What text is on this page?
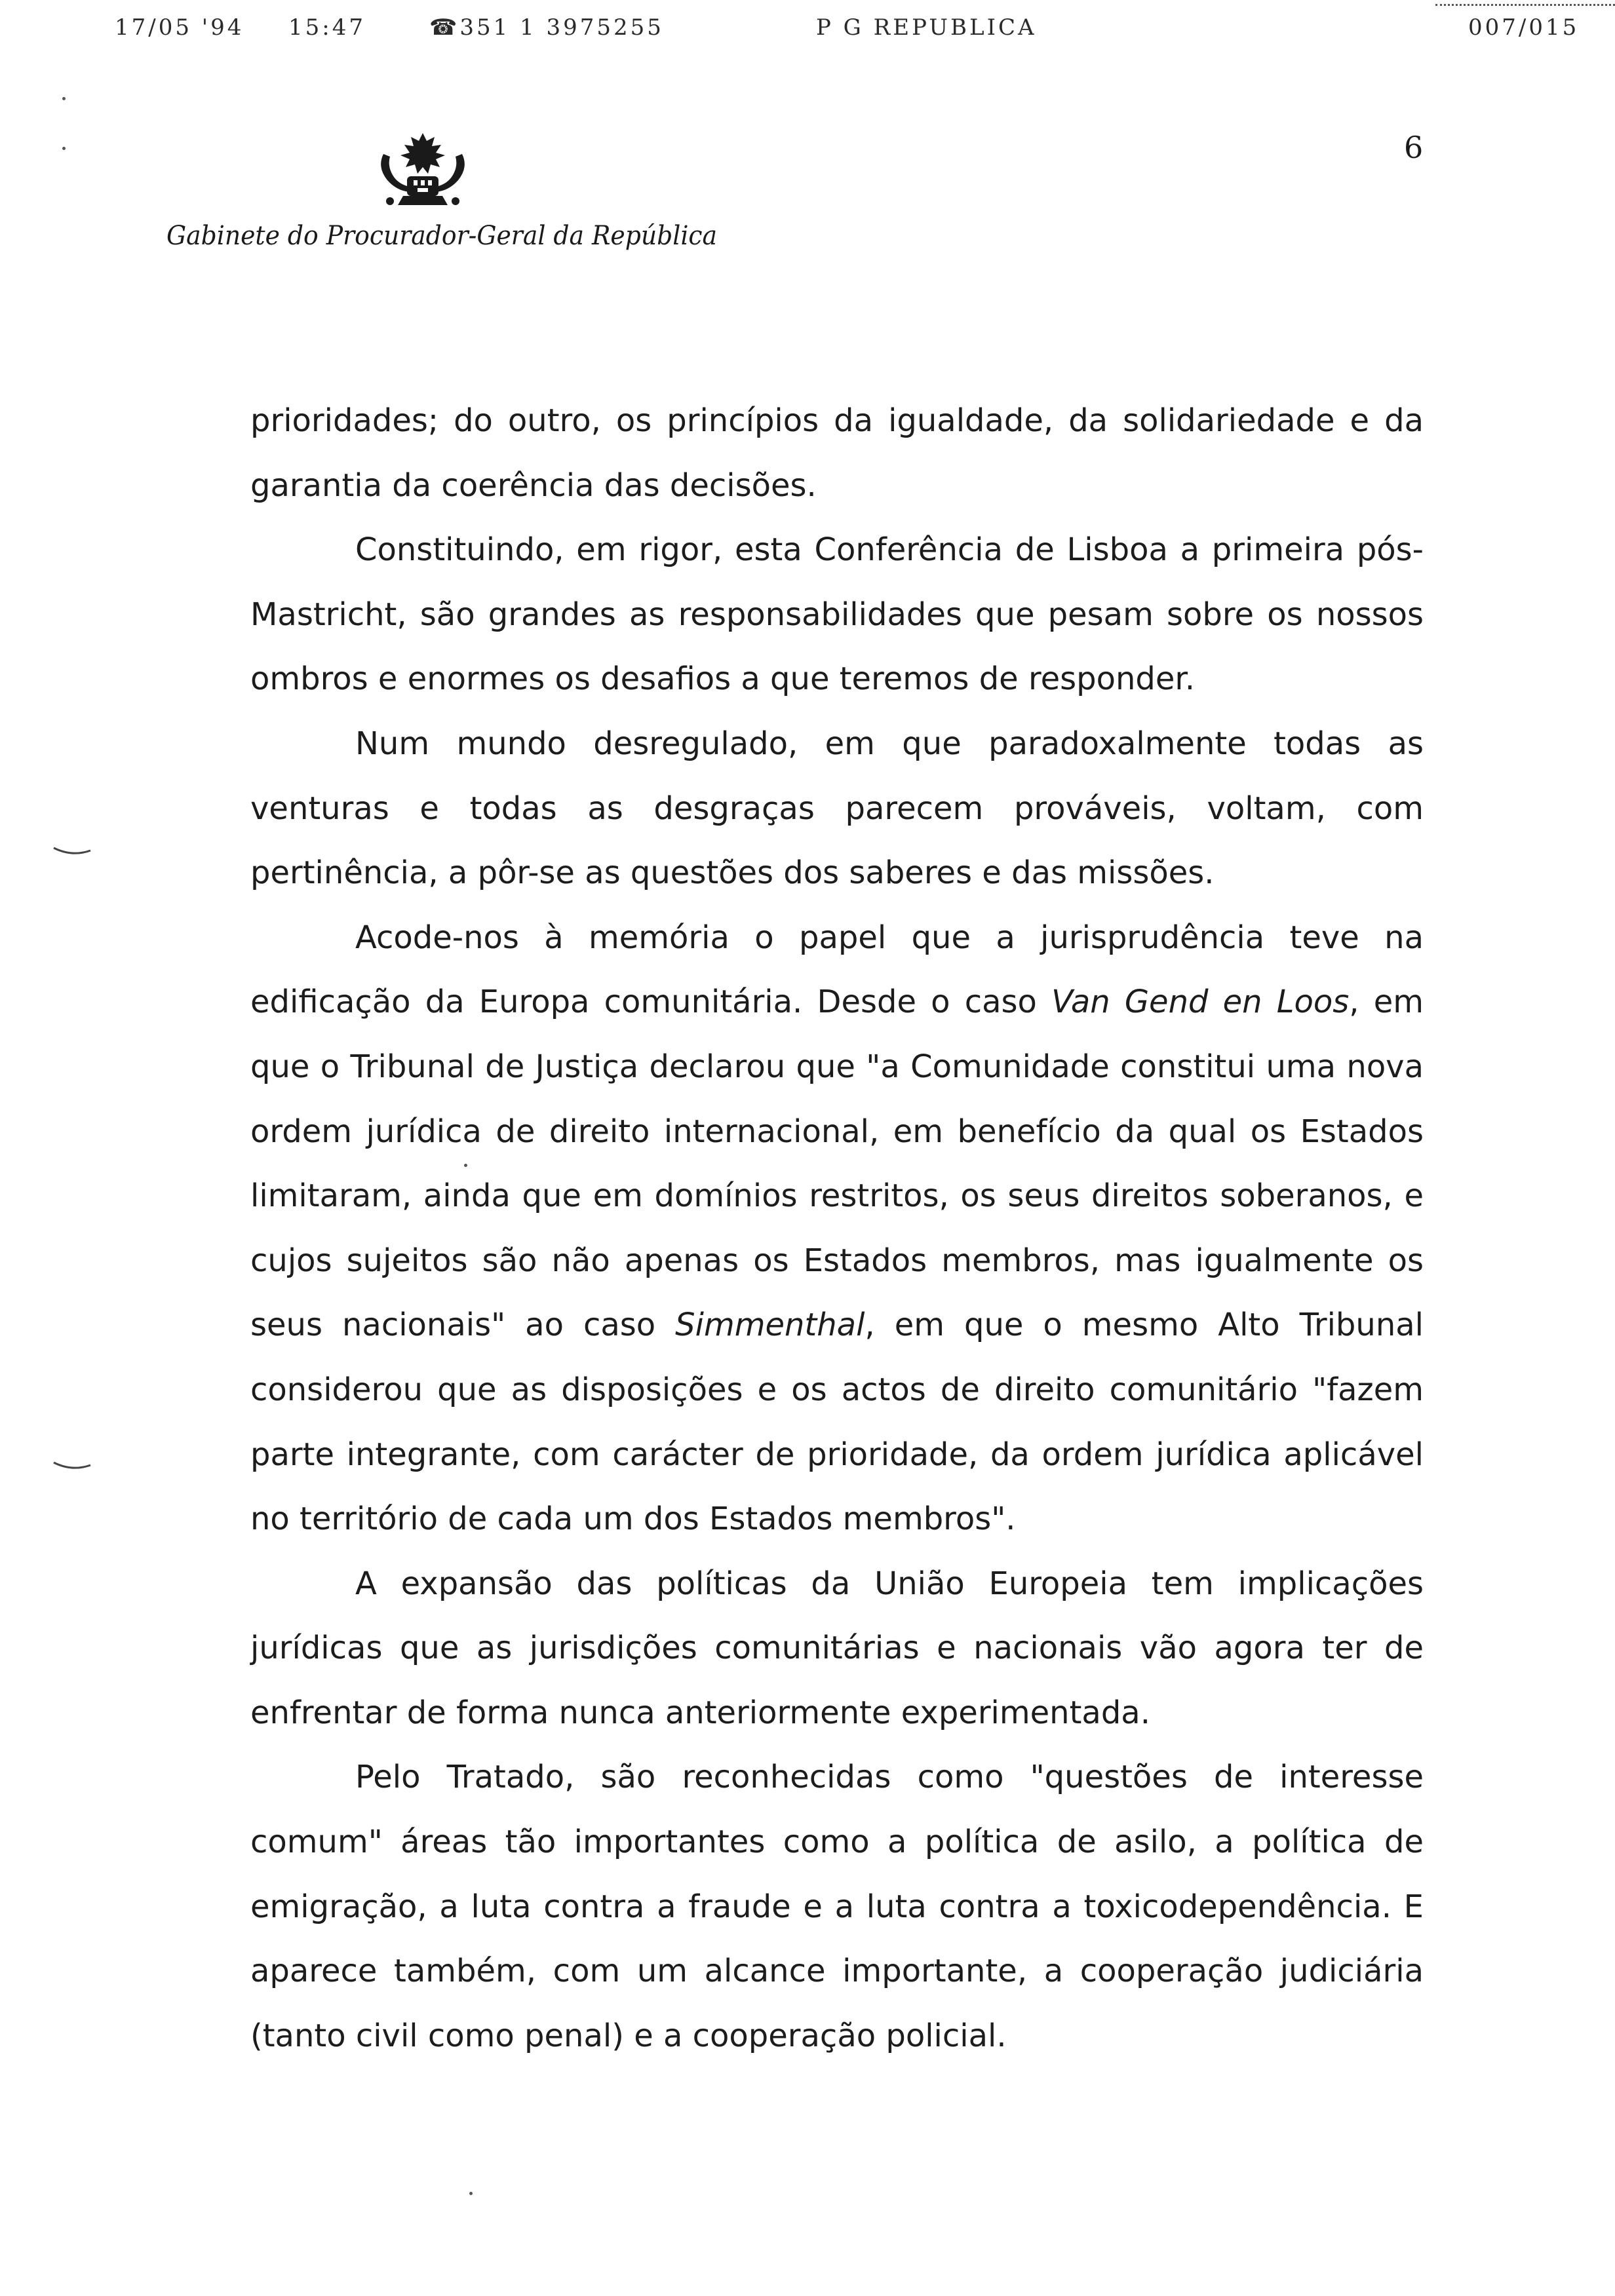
17/05 '94 15:47	☎351 1 3975255	P G REPUBLICA	007/015
Gabinete do Procurador-Geral da República
6

prioridades; do outro, os princípios da igualdade, da solidariedade e da garantia da coerência das decisões.

Constituindo, em rigor, esta Conferência de Lisboa a primeira pós-Mastricht, são grandes as responsabilidades que pesam sobre os nossos ombros e enormes os desafios a que teremos de responder.

Num mundo desregulado, em que paradoxalmente todas as venturas e todas as desgraças parecem prováveis, voltam, com pertinência, a pôr-se as questões dos saberes e das missões.

Acode-nos à memória o papel que a jurisprudência teve na edificação da Europa comunitária. Desde o caso Van Gend en Loos, em que o Tribunal de Justiça declarou que "a Comunidade constitui uma nova ordem jurídica de direito internacional, em benefício da qual os Estados limitaram, ainda que em domínios restritos, os seus direitos soberanos, e cujos sujeitos são não apenas os Estados membros, mas igualmente os seus nacionais" ao caso Simmenthal, em que o mesmo Alto Tribunal considerou que as disposições e os actos de direito comunitário "fazem parte integrante, com carácter de prioridade, da ordem jurídica aplicável no território de cada um dos Estados membros".

A expansão das políticas da União Europeia tem implicações jurídicas que as jurisdições comunitárias e nacionais vão agora ter de enfrentar de forma nunca anteriormente experimentada.

Pelo Tratado, são reconhecidas como "questões de interesse comum" áreas tão importantes como a política de asilo, a política de emigração, a luta contra a fraude e a luta contra a toxicodependência. E aparece também, com um alcance importante, a cooperação judiciária (tanto civil como penal) e a cooperação policial.
